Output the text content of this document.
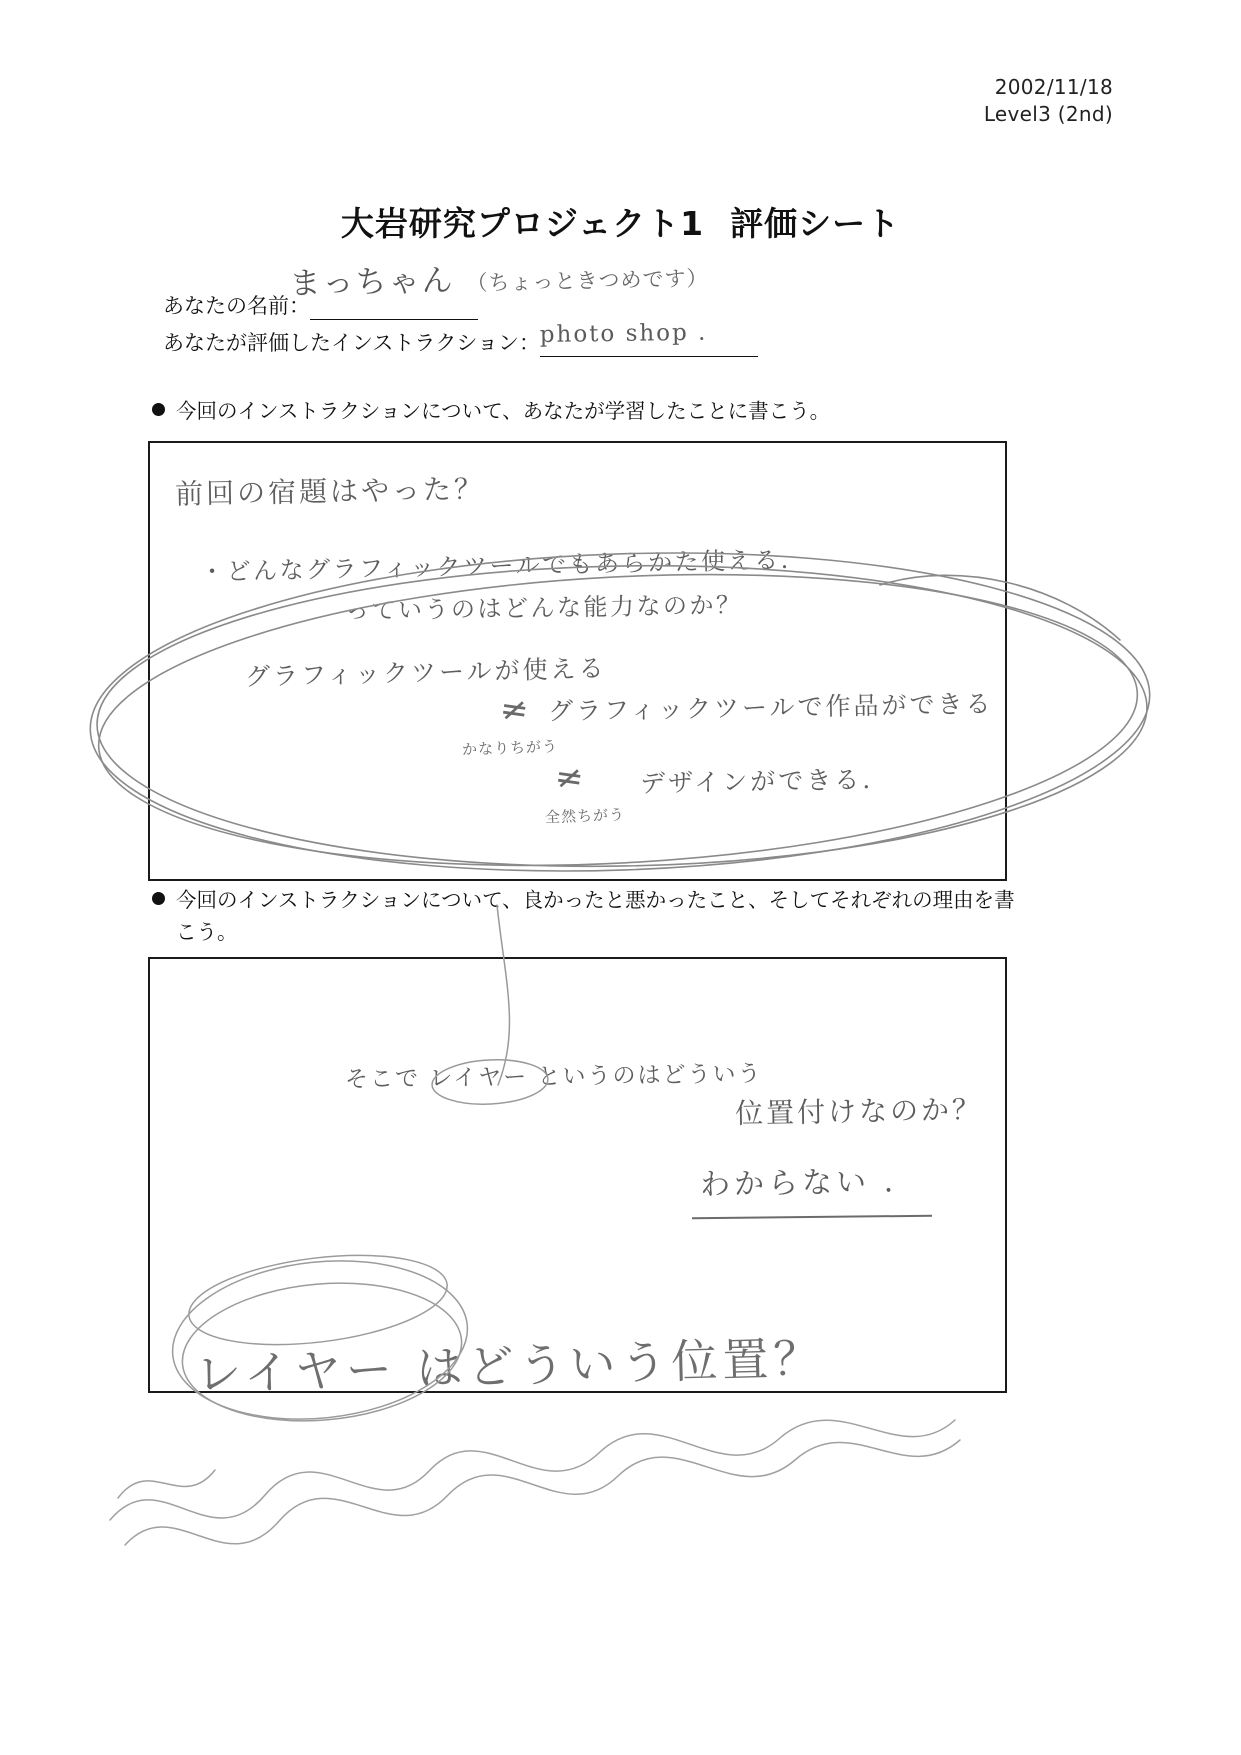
2002/11/18
Level3 (2nd)
大岩研究プロジェクト1 評価シート
あなたの名前：
まっちゃん （ちょっときつめです）
あなたが評価したインストラクション： photo shop .
今回のインストラクションについて、あなたが学習したことに書こう。
前回の宿題はやった？
・どんなグラフィックツールでもあらかた使える.
っていうのはどんな能力なのか？
グラフィックツールが使える
グラフィックツールで作品ができる
デザインができる.
かなりちがう
全然ちがう
≠
≠
今回のインストラクションについて、良かったと悪かったこと、そしてそれぞれの理由を書こう。
そこで レイヤー というのはどういう
位置付けなのか？
わからない .
レイヤー はどういう位置？
